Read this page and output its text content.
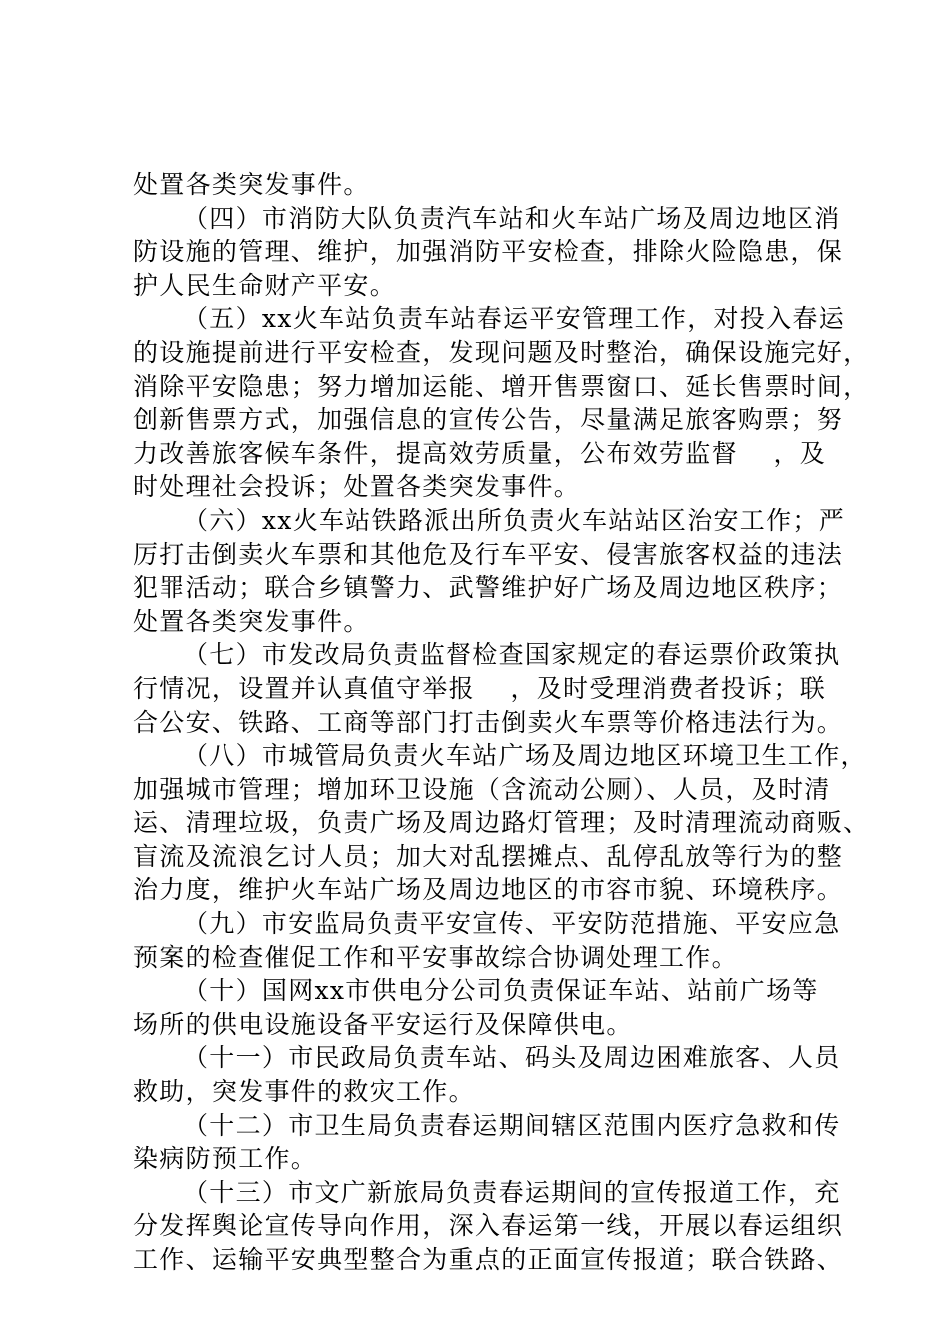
处置各类突发事件。
（四）市消防大队负责汽车站和火车站广场及周边地区消
防设施的管理、维护，加强消防平安检查，排除火险隐患，保
护人民生命财产平安。
（五）xx火车站负责车站春运平安管理工作，对投入春运
的设施提前进行平安检查，发现问题及时整治，确保设施完好，
消除平安隐患；努力增加运能、增开售票窗口、延长售票时间，
创新售票方式，加强信息的宣传公告，尽量满足旅客购票；努
力改善旅客候车条件，提高效劳质量，公布效劳监督　 ，及
时处理社会投诉；处置各类突发事件。
（六）xx火车站铁路派出所负责火车站站区治安工作；严
厉打击倒卖火车票和其他危及行车平安、侵害旅客权益的违法
犯罪活动；联合乡镇警力、武警维护好广场及周边地区秩序；
处置各类突发事件。
（七）市发改局负责监督检查国家规定的春运票价政策执
行情况，设置并认真值守举报　 ，及时受理消费者投诉；联
合公安、铁路、工商等部门打击倒卖火车票等价格违法行为。
（八）市城管局负责火车站广场及周边地区环境卫生工作，
加强城市管理；增加环卫设施（含流动公厕）、人员，及时清
运、清理垃圾，负责广场及周边路灯管理；及时清理流动商贩、
盲流及流浪乞讨人员；加大对乱摆摊点、乱停乱放等行为的整
治力度，维护火车站广场及周边地区的市容市貌、环境秩序。
（九）市安监局负责平安宣传、平安防范措施、平安应急
预案的检查催促工作和平安事故综合协调处理工作。
（十）国网xx市供电分公司负责保证车站、站前广场等
场所的供电设施设备平安运行及保障供电。
（十一）市民政局负责车站、码头及周边困难旅客、人员
救助，突发事件的救灾工作。
（十二）市卫生局负责春运期间辖区范围内医疗急救和传
染病防预工作。
（十三）市文广新旅局负责春运期间的宣传报道工作，充
分发挥舆论宣传导向作用，深入春运第一线，开展以春运组织
工作、运输平安典型整合为重点的正面宣传报道；联合铁路、
